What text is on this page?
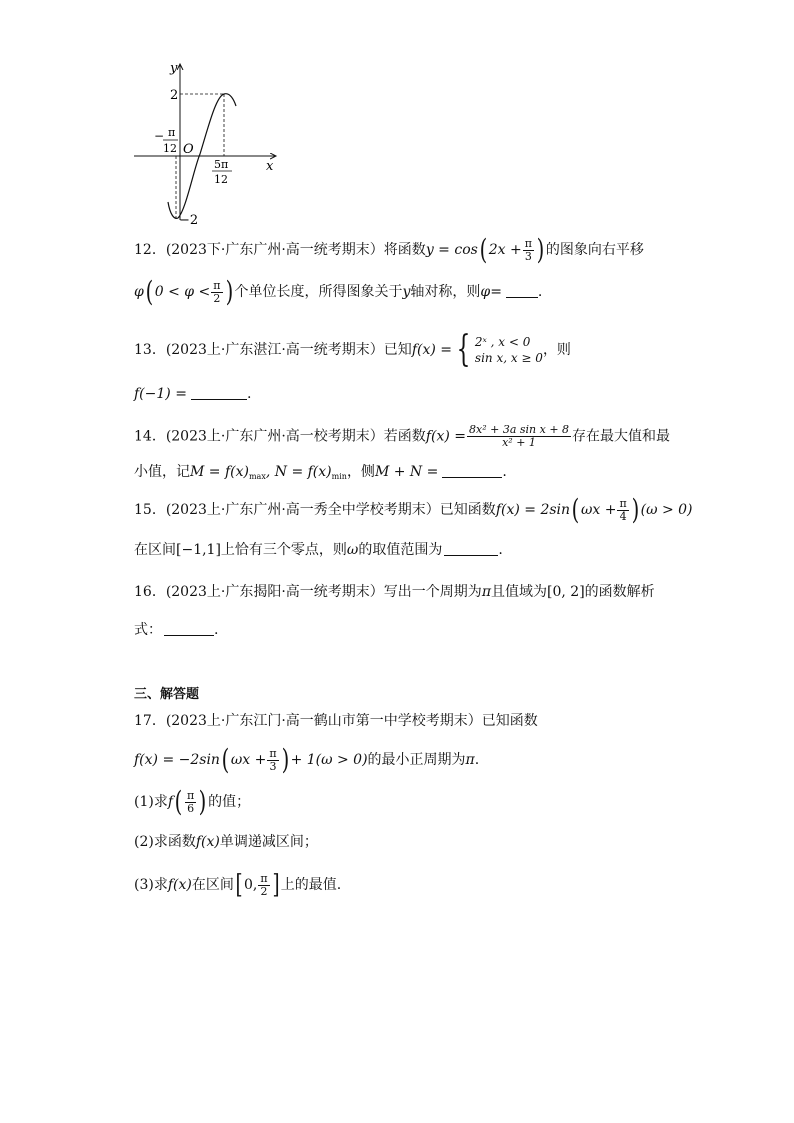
y
x
O
2
−2
− π
12
5π
12
12．(2023下·广东广州·高一统考期末）将函数y = cos( $2x + \frac{\pi}{3}$ ) 的图象向右平移
φ( $0 < \varphi < \frac{\pi}{2}$ ) 个单位长度，所得图象关于y轴对称，则φ=	.
13．(2023上·广东湛江·高一统考期末）已知f(x) = { 2ˣ , x < 0
sin x, x ≥ 0 ，则
f(−1) =	.
14．(2023上·广东广州·高一校考期末）若函数$f(x) = \frac{\text{8x² + 3a sin x + 8}}{\text{x² + 1}}$ 存在最大值和最
小值，记$M = f(x)_{max}$, $N = f(x)_{min}$，侧M + N =	.
15．(2023上·广东广州·高一秀全中学校考期末）已知函数f(x) = 2sin( $\omega x + \frac{\pi}{4}$ ) (ω > 0)
在区间[−1,1]上恰有三个零点，则ω的取值范围为	.
16．(2023上·广东揭阳·高一统考期末）写出一个周期为π且值域为[0, 2]的函数解析
式：	.
三、解答题
17．(2023上·广东江门·高一鹤山市第一中学校考期末）已知函数
f(x) = −2sin( $\omega x + \frac{\pi}{3}$ ) + 1(ω > 0)的最小正周期为π.
(1)求$f( \frac{\pi}{6}$ ) 的值；
(2)求函数f(x)单调递减区间；
(3)求f(x)在区间[ 0, $\frac{\pi}{2}$ ] 上的最值.
